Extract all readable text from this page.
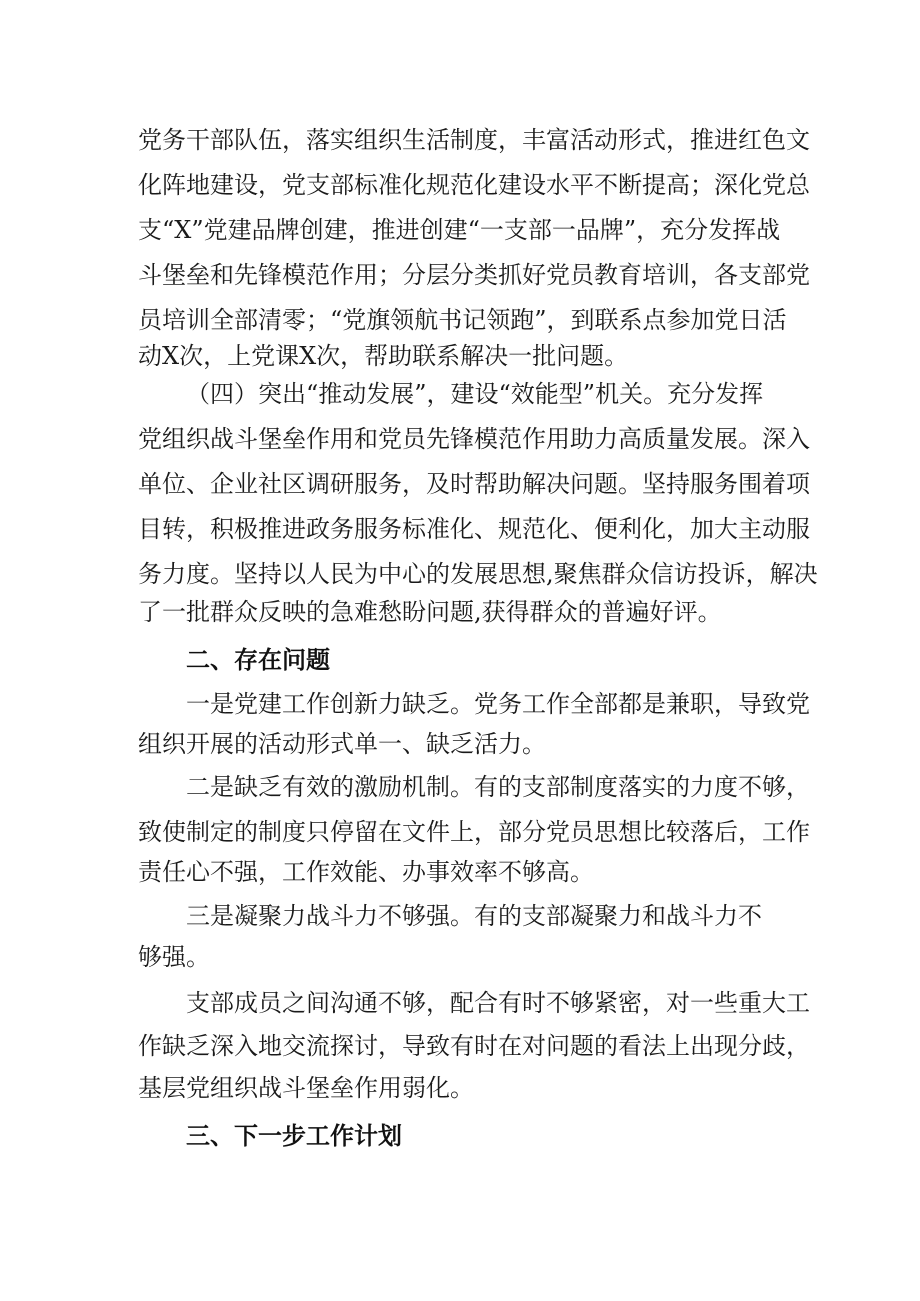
党务干部队伍，落实组织生活制度，丰富活动形式，推进红色文

化阵地建设，党支部标准化规范化建设水平不断提高；深化党总

支“X”党建品牌创建，推进创建“一支部一品牌”，充分发挥战

斗堡垒和先锋模范作用；分层分类抓好党员教育培训，各支部党

员培训全部清零；“党旗领航书记领跑”，到联系点参加党日活

动X次，上党课X次，帮助联系解决一批问题。

（四）突出“推动发展”，建设“效能型”机关。充分发挥

党组织战斗堡垒作用和党员先锋模范作用助力高质量发展。深入

单位、企业社区调研服务，及时帮助解决问题。坚持服务围着项

目转，积极推进政务服务标准化、规范化、便利化，加大主动服

务力度。坚持以人民为中心的发展思想,聚焦群众信访投诉，解决

了一批群众反映的急难愁盼问题,获得群众的普遍好评。

二、存在问题

一是党建工作创新力缺乏。党务工作全部都是兼职，导致党

组织开展的活动形式单一、缺乏活力。

二是缺乏有效的激励机制。有的支部制度落实的力度不够，

致使制定的制度只停留在文件上，部分党员思想比较落后，工作

责任心不强，工作效能、办事效率不够高。

三是凝聚力战斗力不够强。有的支部凝聚力和战斗力不

够强。

支部成员之间沟通不够，配合有时不够紧密，对一些重大工

作缺乏深入地交流探讨，导致有时在对问题的看法上出现分歧，

基层党组织战斗堡垒作用弱化。

三、下一步工作计划
